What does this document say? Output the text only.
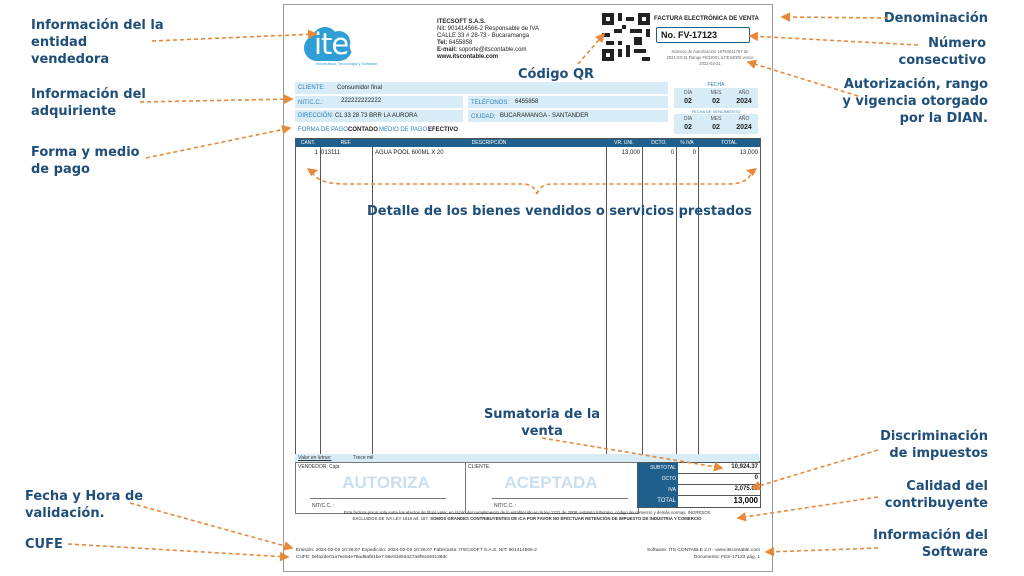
itecsoft
Informática, Tecnología y Software
ITECSOFT S.A.S.
Nit: 901414566-2 Responsable de IVA
CALLE 33 # 28-73 - Bucaramanga
Tel: 6455858
E-mail: soporte@itscontable.com
www.itscontable.com
FACTURA ELECTRÓNICA DE VENTA
No. FV-17123
Número de Autorización 18764011787 de
2021-03-31 Rango FE32001 a FE34000 vence
2022-03-31
CLIENTE: Consumidor final
NIT/C.C.:	222222222222	TELÉFONOS: 6455858
DIRECCIÓN: CL 33 28 73 BRR LA AURORA	CIUDAD: BUCARAMANGA - SANTANDER
FORMA DE PAGO:
CONTADO MEDIO DE PAGO: EFECTIVO
FECHA
DÍA	MES	AÑO
02	02	2024
FECHA DE VENCIMIENTO
DÍA	MES	AÑO
02	02	2024
CANT.	REF.	DESCRIPCIÓN	VR. UNI.	DCTO.	% IVA	TOTAL
1 013111	AGUA POOL 600ML X 20	13,000	0	0	13,000
Valor en letras:	Trece mil
VENDEDOR: Caja
AUTORIZA
NIT/C.C. :
CLIENTE:
ACEPTADA
NIT/C.C. :
SUBTOTAL	10,924.37
DCTO	0
IVA	2,075.63
TOTAL	13,000
Esta factura por si sola surte los efectos de título valor, en razón del cumplimiento de lo establecido en la ley 1231 de 2008, estatuto tributario, código de comercio y demás normas. INGRESOS
EXCLUIDOS DE IVA LEY 1819 art. 187. SOMOS GRANDES CONTRIBUYENTES DE ICA POR FAVOR NO EFECTUAR RETENCIÓN DE IMPUESTO DE INDUSTRIA Y COMERCIO
Emisión: 2024-02-02 10:26:07 Expedición: 2024-02-02 10:26:07 Fabricante: ITECSOFT S.A.S. NIT: 901414566-2
CUFE: 0efa2de01a7ee54e78ad8af81be7 66e91853427a9f91693138dc
Software: ITS CONTABLE 2.0 - www.itscontable.com
Documento: FES-17123 pág. 1
Información del la
entidad
vendedora
Información del
adquiriente
Forma y medio
de pago
Fecha y Hora de
validación.
CUFE
Código QR
Detalle de los bienes vendidos o servicios prestados
Sumatoria de la
venta
Denominación
Número
consecutivo
Autorización, rango
y vigencia otorgado
por la DIAN.
Discriminación
de impuestos
Calidad del
contribuyente
Información del
Software
